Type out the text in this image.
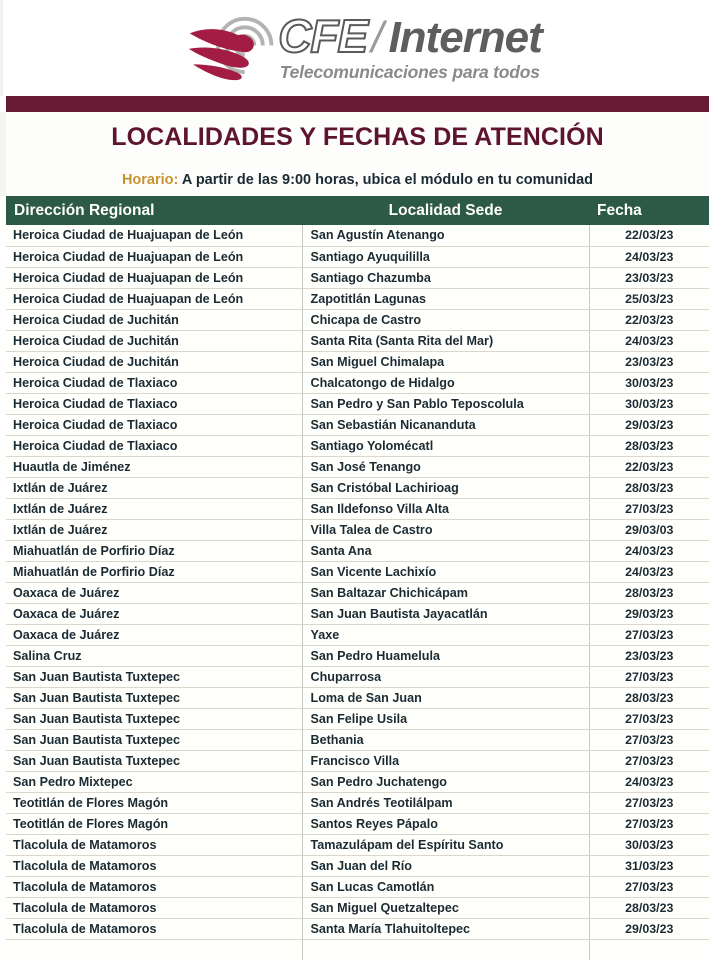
CFE / Internet
Telecomunicaciones para todos
LOCALIDADES Y FECHAS DE ATENCIÓN
Horario: A partir de las 9:00 horas, ubica el módulo en tu comunidad
Dirección Regional	Localidad Sede	Fecha
Heroica Ciudad de Huajuapan de León	San Agustín Atenango	22/03/23
Heroica Ciudad de Huajuapan de León	Santiago Ayuquililla	24/03/23
Heroica Ciudad de Huajuapan de León	Santiago Chazumba	23/03/23
Heroica Ciudad de Huajuapan de León	Zapotitlán Lagunas	25/03/23
Heroica Ciudad de Juchitán	Chicapa de Castro	22/03/23
Heroica Ciudad de Juchitán	Santa Rita (Santa Rita del Mar)	24/03/23
Heroica Ciudad de Juchitán	San Miguel Chimalapa	23/03/23
Heroica Ciudad de Tlaxiaco	Chalcatongo de Hidalgo	30/03/23
Heroica Ciudad de Tlaxiaco	San Pedro y San Pablo Teposcolula	30/03/23
Heroica Ciudad de Tlaxiaco	San Sebastián Nicananduta	29/03/23
Heroica Ciudad de Tlaxiaco	Santiago Yolomécatl	28/03/23
Huautla de Jiménez	San José Tenango	22/03/23
Ixtlán de Juárez	San Cristóbal Lachirioag	28/03/23
Ixtlán de Juárez	San Ildefonso Villa Alta	27/03/23
Ixtlán de Juárez	Villa Talea de Castro	29/03/03
Miahuatlán de Porfirio Díaz	Santa Ana	24/03/23
Miahuatlán de Porfirio Díaz	San Vicente Lachixío	24/03/23
Oaxaca de Juárez	San Baltazar Chichicápam	28/03/23
Oaxaca de Juárez	San Juan Bautista Jayacatlán	29/03/23
Oaxaca de Juárez	Yaxe	27/03/23
Salina Cruz	San Pedro Huamelula	23/03/23
San Juan Bautista Tuxtepec	Chuparrosa	27/03/23
San Juan Bautista Tuxtepec	Loma de San Juan	28/03/23
San Juan Bautista Tuxtepec	San Felipe Usila	27/03/23
San Juan Bautista Tuxtepec	Bethania	27/03/23
San Juan Bautista Tuxtepec	Francisco Villa	27/03/23
San Pedro Mixtepec	San Pedro Juchatengo	24/03/23
Teotitlán de Flores Magón	San Andrés Teotilálpam	27/03/23
Teotitlán de Flores Magón	Santos Reyes Pápalo	27/03/23
Tlacolula de Matamoros	Tamazulápam del Espíritu Santo	30/03/23
Tlacolula de Matamoros	San Juan del Río	31/03/23
Tlacolula de Matamoros	San Lucas Camotlán	27/03/23
Tlacolula de Matamoros	San Miguel Quetzaltepec	28/03/23
Tlacolula de Matamoros	Santa María Tlahuitoltepec	29/03/23
